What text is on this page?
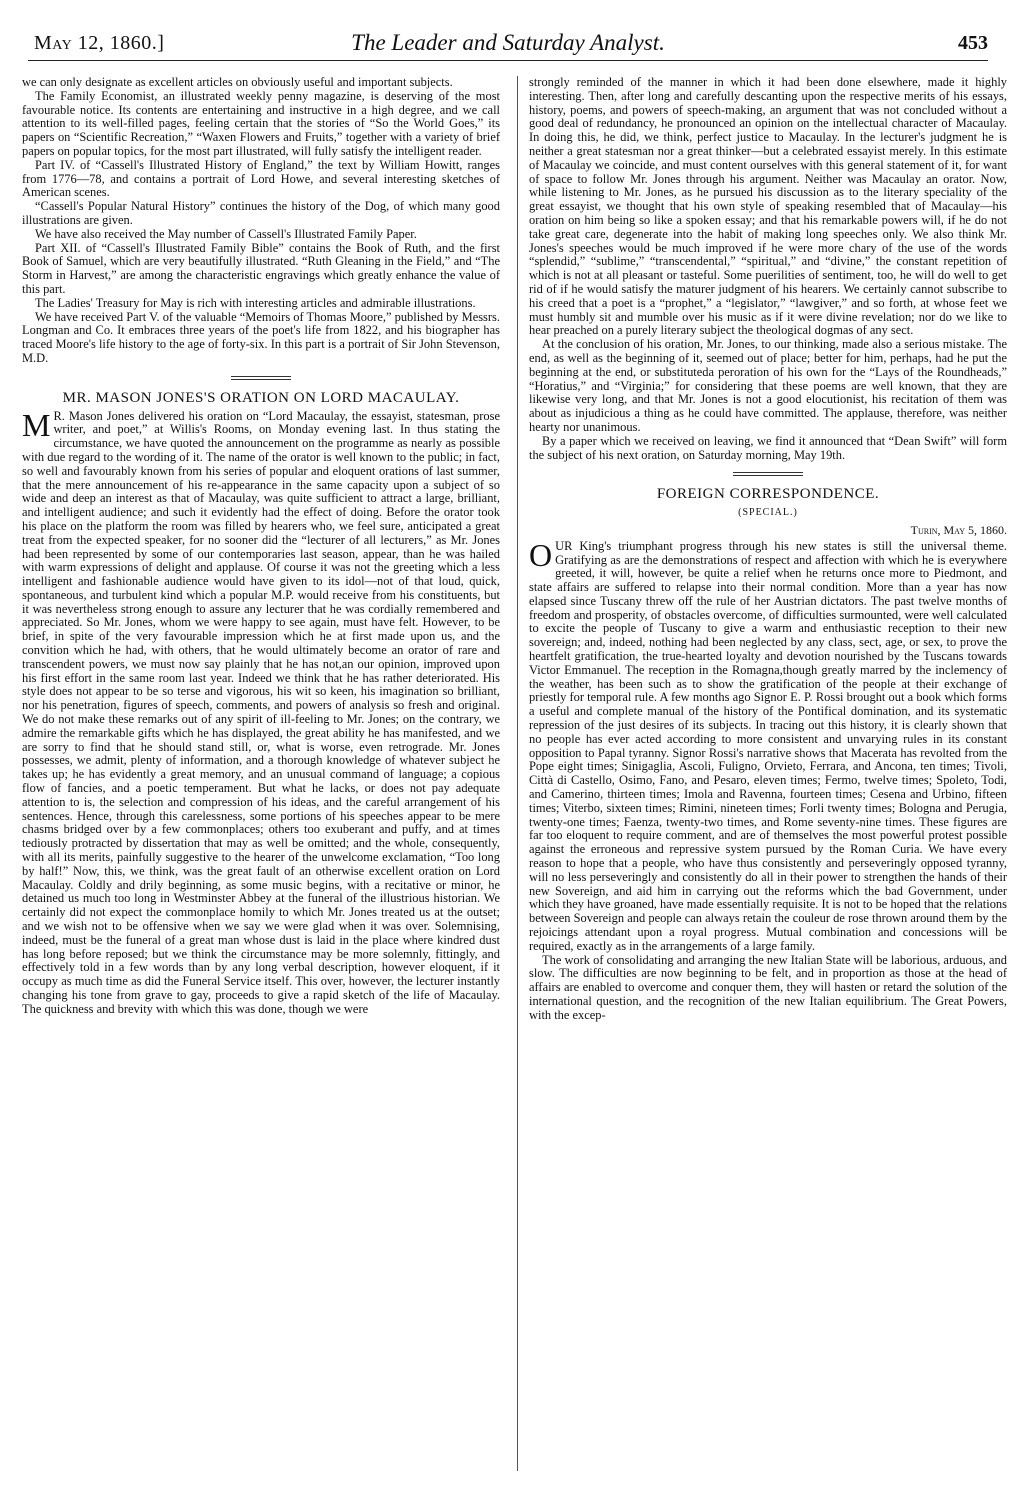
May 12, 1860.]	The Leader and Saturday Analyst.	453

we can only designate as excellent articles on obviously useful and important subjects.

The Family Economist, an illustrated weekly penny magazine, is deserving of the most favourable notice. Its contents are entertaining and instructive in a high degree, and we call attention to its well-filled pages, feeling certain that the stories of “So the World Goes,” its papers on “Scientific Recreation,” “Waxen Flowers and Fruits,” together with a variety of brief papers on popular topics, for the most part illustrated, will fully satisfy the intelligent reader.

Part IV. of “Cassell's Illustrated History of England,” the text by William Howitt, ranges from 1776—78, and contains a portrait of Lord Howe, and several interesting sketches of American scenes.

“Cassell's Popular Natural History” continues the history of the Dog, of which many good illustrations are given.

We have also received the May number of Cassell's Illustrated Family Paper.

Part XII. of “Cassell's Illustrated Family Bible” contains the Book of Ruth, and the first Book of Samuel, which are very beautifully illustrated. “Ruth Gleaning in the Field,” and “The Storm in Harvest,” are among the characteristic engravings which greatly enhance the value of this part.

The Ladies' Treasury for May is rich with interesting articles and admirable illustrations.

We have received Part V. of the valuable “Memoirs of Thomas Moore,” published by Messrs. Longman and Co. It embraces three years of the poet's life from 1822, and his biographer has traced Moore's life history to the age of forty-six. In this part is a portrait of Sir John Stevenson, M.D.

MR. MASON JONES'S ORATION ON LORD MACAULAY.

M R. Mason Jones delivered his oration on “Lord Macaulay, the essayist, statesman, prose writer, and poet,” at Willis's Rooms, on Monday evening last. In thus stating the circumstance, we have quoted the announcement on the programme as nearly as possible with due regard to the wording of it. The name of the orator is well known to the public; in fact, so well and favourably known from his series of popular and eloquent orations of last summer, that the mere announcement of his re-appearance in the same capacity upon a subject of so wide and deep an interest as that of Macaulay, was quite sufficient to attract a large, brilliant, and intelligent audience; and such it evidently had the effect of doing. Before the orator took his place on the platform the room was filled by hearers who, we feel sure, anticipated a great treat from the expected speaker, for no sooner did the “lecturer of all lecturers,” as Mr. Jones had been represented by some of our contemporaries last season, appear, than he was hailed with warm expressions of delight and applause. Of course it was not the greeting which a less intelligent and fashionable audience would have given to its idol—not of that loud, quick, spontaneous, and turbulent kind which a popular M.P. would receive from his constituents, but it was nevertheless strong enough to assure any lecturer that he was cordially remembered and appreciated. So Mr. Jones, whom we were happy to see again, must have felt. However, to be brief, in spite of the very favourable impression which he at first made upon us, and the convition which he had, with others, that he would ultimately become an orator of rare and transcendent powers, we must now say plainly that he has not,an our opinion, improved upon his first effort in the same room last year. Indeed we think that he has rather deteriorated. His style does not appear to be so terse and vigorous, his wit so keen, his imagination so brilliant, nor his penetration, figures of speech, comments, and powers of analysis so fresh and original. We do not make these remarks out of any spirit of ill-feeling to Mr. Jones; on the contrary, we admire the remarkable gifts which he has displayed, the great ability he has manifested, and we are sorry to find that he should stand still, or, what is worse, even retrograde. Mr. Jones possesses, we admit, plenty of information, and a thorough knowledge of whatever subject he takes up; he has evidently a great memory, and an unusual command of language; a copious flow of fancies, and a poetic temperament. But what he lacks, or does not pay adequate attention to is, the selection and compression of his ideas, and the careful arrangement of his sentences. Hence, through this carelessness, some portions of his speeches appear to be mere chasms bridged over by a few commonplaces; others too exuberant and puffy, and at times tediously protracted by dissertation that may as well be omitted; and the whole, consequently, with all its merits, painfully suggestive to the hearer of the unwelcome exclamation, “Too long by half!” Now, this, we think, was the great fault of an otherwise excellent oration on Lord Macaulay. Coldly and drily beginning, as some music begins, with a recitative or minor, he detained us much too long in Westminster Abbey at the funeral of the illustrious historian. We certainly did not expect the commonplace homily to which Mr. Jones treated us at the outset; and we wish not to be offensive when we say we were glad when it was over. Solemnising, indeed, must be the funeral of a great man whose dust is laid in the place where kindred dust has long before reposed; but we think the circumstance may be more solemnly, fittingly, and effectively told in a few words than by any long verbal description, however eloquent, if it occupy as much time as did the Funeral Service itself. This over, however, the lecturer instantly changing his tone from grave to gay, proceeds to give a rapid sketch of the life of Macaulay. The quickness and brevity with which this was done, though we were

strongly reminded of the manner in which it had been done elsewhere, made it highly interesting. Then, after long and carefully descanting upon the respective merits of his essays, history, poems, and powers of speech-making, an argument that was not concluded without a good deal of redundancy, he pronounced an opinion on the intellectual character of Macaulay. In doing this, he did, we think, perfect justice to Macaulay. In the lecturer's judgment he is neither a great statesman nor a great thinker—but a celebrated essayist merely. In this estimate of Macaulay we coincide, and must content ourselves with this general statement of it, for want of space to follow Mr. Jones through his argument. Neither was Macaulay an orator. Now, while listening to Mr. Jones, as he pursued his discussion as to the literary speciality of the great essayist, we thought that his own style of speaking resembled that of Macaulay—his oration on him being so like a spoken essay; and that his remarkable powers will, if he do not take great care, degenerate into the habit of making long speeches only. We also think Mr. Jones's speeches would be much improved if he were more chary of the use of the words “splendid,” “sublime,” “transcendental,” “spiritual,” and “divine,” the constant repetition of which is not at all pleasant or tasteful. Some puerilities of sentiment, too, he will do well to get rid of if he would satisfy the maturer judgment of his hearers. We certainly cannot subscribe to his creed that a poet is a “prophet,” a “legislator,” “lawgiver,” and so forth, at whose feet we must humbly sit and mumble over his music as if it were divine revelation; nor do we like to hear preached on a purely literary subject the theological dogmas of any sect.

At the conclusion of his oration, Mr. Jones, to our thinking, made also a serious mistake. The end, as well as the beginning of it, seemed out of place; better for him, perhaps, had he put the beginning at the end, or substituteda peroration of his own for the “Lays of the Roundheads,” “Horatius,” and “Virginia;” for considering that these poems are well known, that they are likewise very long, and that Mr. Jones is not a good elocutionist, his recitation of them was about as injudicious a thing as he could have committed. The applause, therefore, was neither hearty nor unanimous.

By a paper which we received on leaving, we find it announced that “Dean Swift” will form the subject of his next oration, on Saturday morning, May 19th.

FOREIGN CORRESPONDENCE.
(SPECIAL.)
Turin, May 5, 1860.

OUR King's triumphant progress through his new states is still the universal theme. Gratifying as are the demonstrations of respect and affection with which he is everywhere greeted, it will, however, be quite a relief when he returns once more to Piedmont, and state affairs are suffered to relapse into their normal condition. More than a year has now elapsed since Tuscany threw off the rule of her Austrian dictators. The past twelve months of freedom and prosperity, of obstacles overcome, of difficulties surmounted, were well calculated to excite the people of Tuscany to give a warm and enthusiastic reception to their new sovereign; and, indeed, nothing had been neglected by any class, sect, age, or sex, to prove the heartfelt gratification, the true-hearted loyalty and devotion nourished by the Tuscans towards Victor Emmanuel. The reception in the Romagna,though greatly marred by the inclemency of the weather, has been such as to show the gratification of the people at their exchange of priestly for temporal rule. A few months ago Signor E. P. Rossi brought out a book which forms a useful and complete manual of the history of the Pontifical domination, and its systematic repression of the just desires of its subjects. In tracing out this history, it is clearly shown that no people has ever acted according to more consistent and unvarying rules in its constant opposition to Papal tyranny. Signor Rossi's narrative shows that Macerata has revolted from the Pope eight times; Sinigaglia, Ascoli, Fuligno, Orvieto, Ferrara, and Ancona, ten times; Tivoli, Città di Castello, Osimo, Fano, and Pesaro, eleven times; Fermo, twelve times; Spoleto, Todi, and Camerino, thirteen times; Imola and Ravenna, fourteen times; Cesena and Urbino, fifteen times; Viterbo, sixteen times; Rimini, nineteen times; Forli twenty times; Bologna and Perugia, twenty-one times; Faenza, twenty-two times, and Rome seventy-nine times. These figures are far too eloquent to require comment, and are of themselves the most powerful protest possible against the erroneous and repressive system pursued by the Roman Curia. We have every reason to hope that a people, who have thus consistently and perseveringly opposed tyranny, will no less perseveringly and consistently do all in their power to strengthen the hands of their new Sovereign, and aid him in carrying out the reforms which the bad Government, under which they have groaned, have made essentially requisite. It is not to be hoped that the relations between Sovereign and people can always retain the couleur de rose thrown around them by the rejoicings attendant upon a royal progress. Mutual combination and concessions will be required, exactly as in the arrangements of a large family.

The work of consolidating and arranging the new Italian State will be laborious, arduous, and slow. The difficulties are now beginning to be felt, and in proportion as those at the head of affairs are enabled to overcome and conquer them, they will hasten or retard the solution of the international question, and the recognition of the new Italian equilibrium. The Great Powers, with the excep-
